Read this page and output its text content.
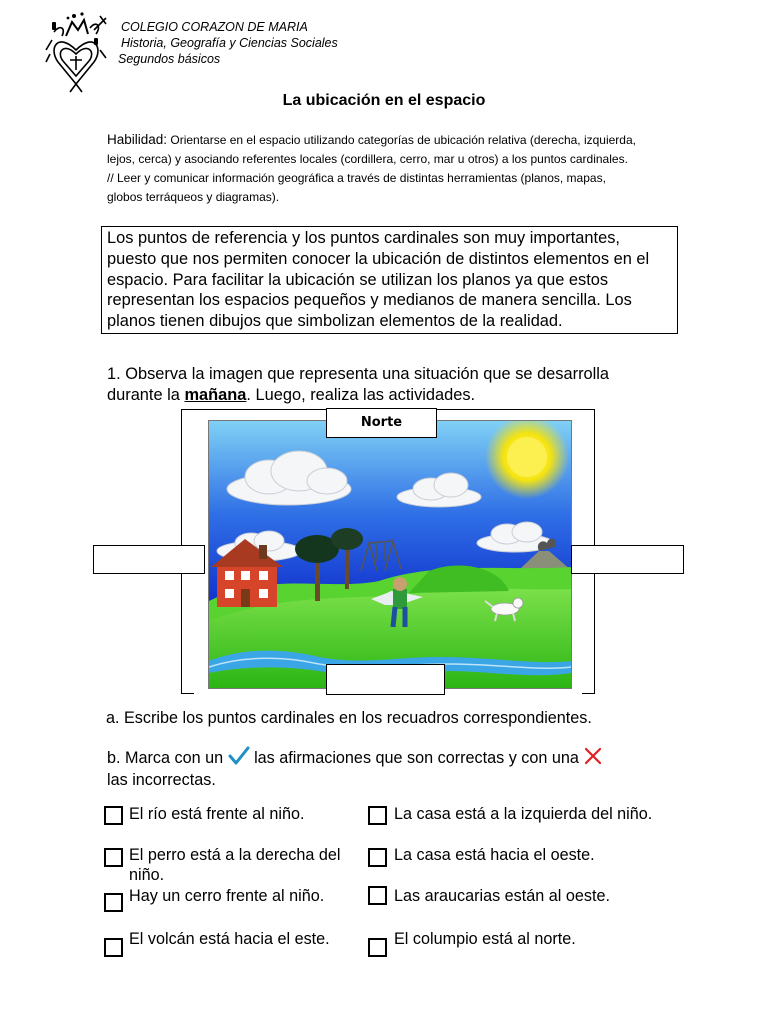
COLEGIO CORAZON DE MARIA
Historia, Geografía y Ciencias Sociales
Segundos básicos
La ubicación en el espacio
Habilidad: Orientarse en el espacio utilizando categorías de ubicación relativa (derecha, izquierda, lejos, cerca) y asociando referentes locales (cordillera, cerro, mar u otros) a los puntos cardinales. // Leer y comunicar información geográfica a través de distintas herramientas (planos, mapas, globos terráqueos y diagramas).
Los puntos de referencia y los puntos cardinales son muy importantes, puesto que nos permiten conocer la ubicación de distintos elementos en el espacio. Para facilitar la ubicación se utilizan los planos ya que estos representan los espacios pequeños y medianos de manera sencilla. Los planos tienen dibujos que simbolizan elementos de la realidad.
1. Observa la imagen que representa una situación que se desarrolla durante la mañana. Luego, realiza las actividades.
Norte
a. Escribe los puntos cardinales en los recuadros correspondientes.
b. Marca con un  las afirmaciones que son correctas y con una
las incorrectas.
El río está frente al niño.
El perro está a la derecha del niño.
Hay un cerro frente al niño.
El volcán está hacia el este.
La casa está a la izquierda del niño.
La casa está hacia el oeste.
Las araucarias están al oeste.
El columpio está al norte.
